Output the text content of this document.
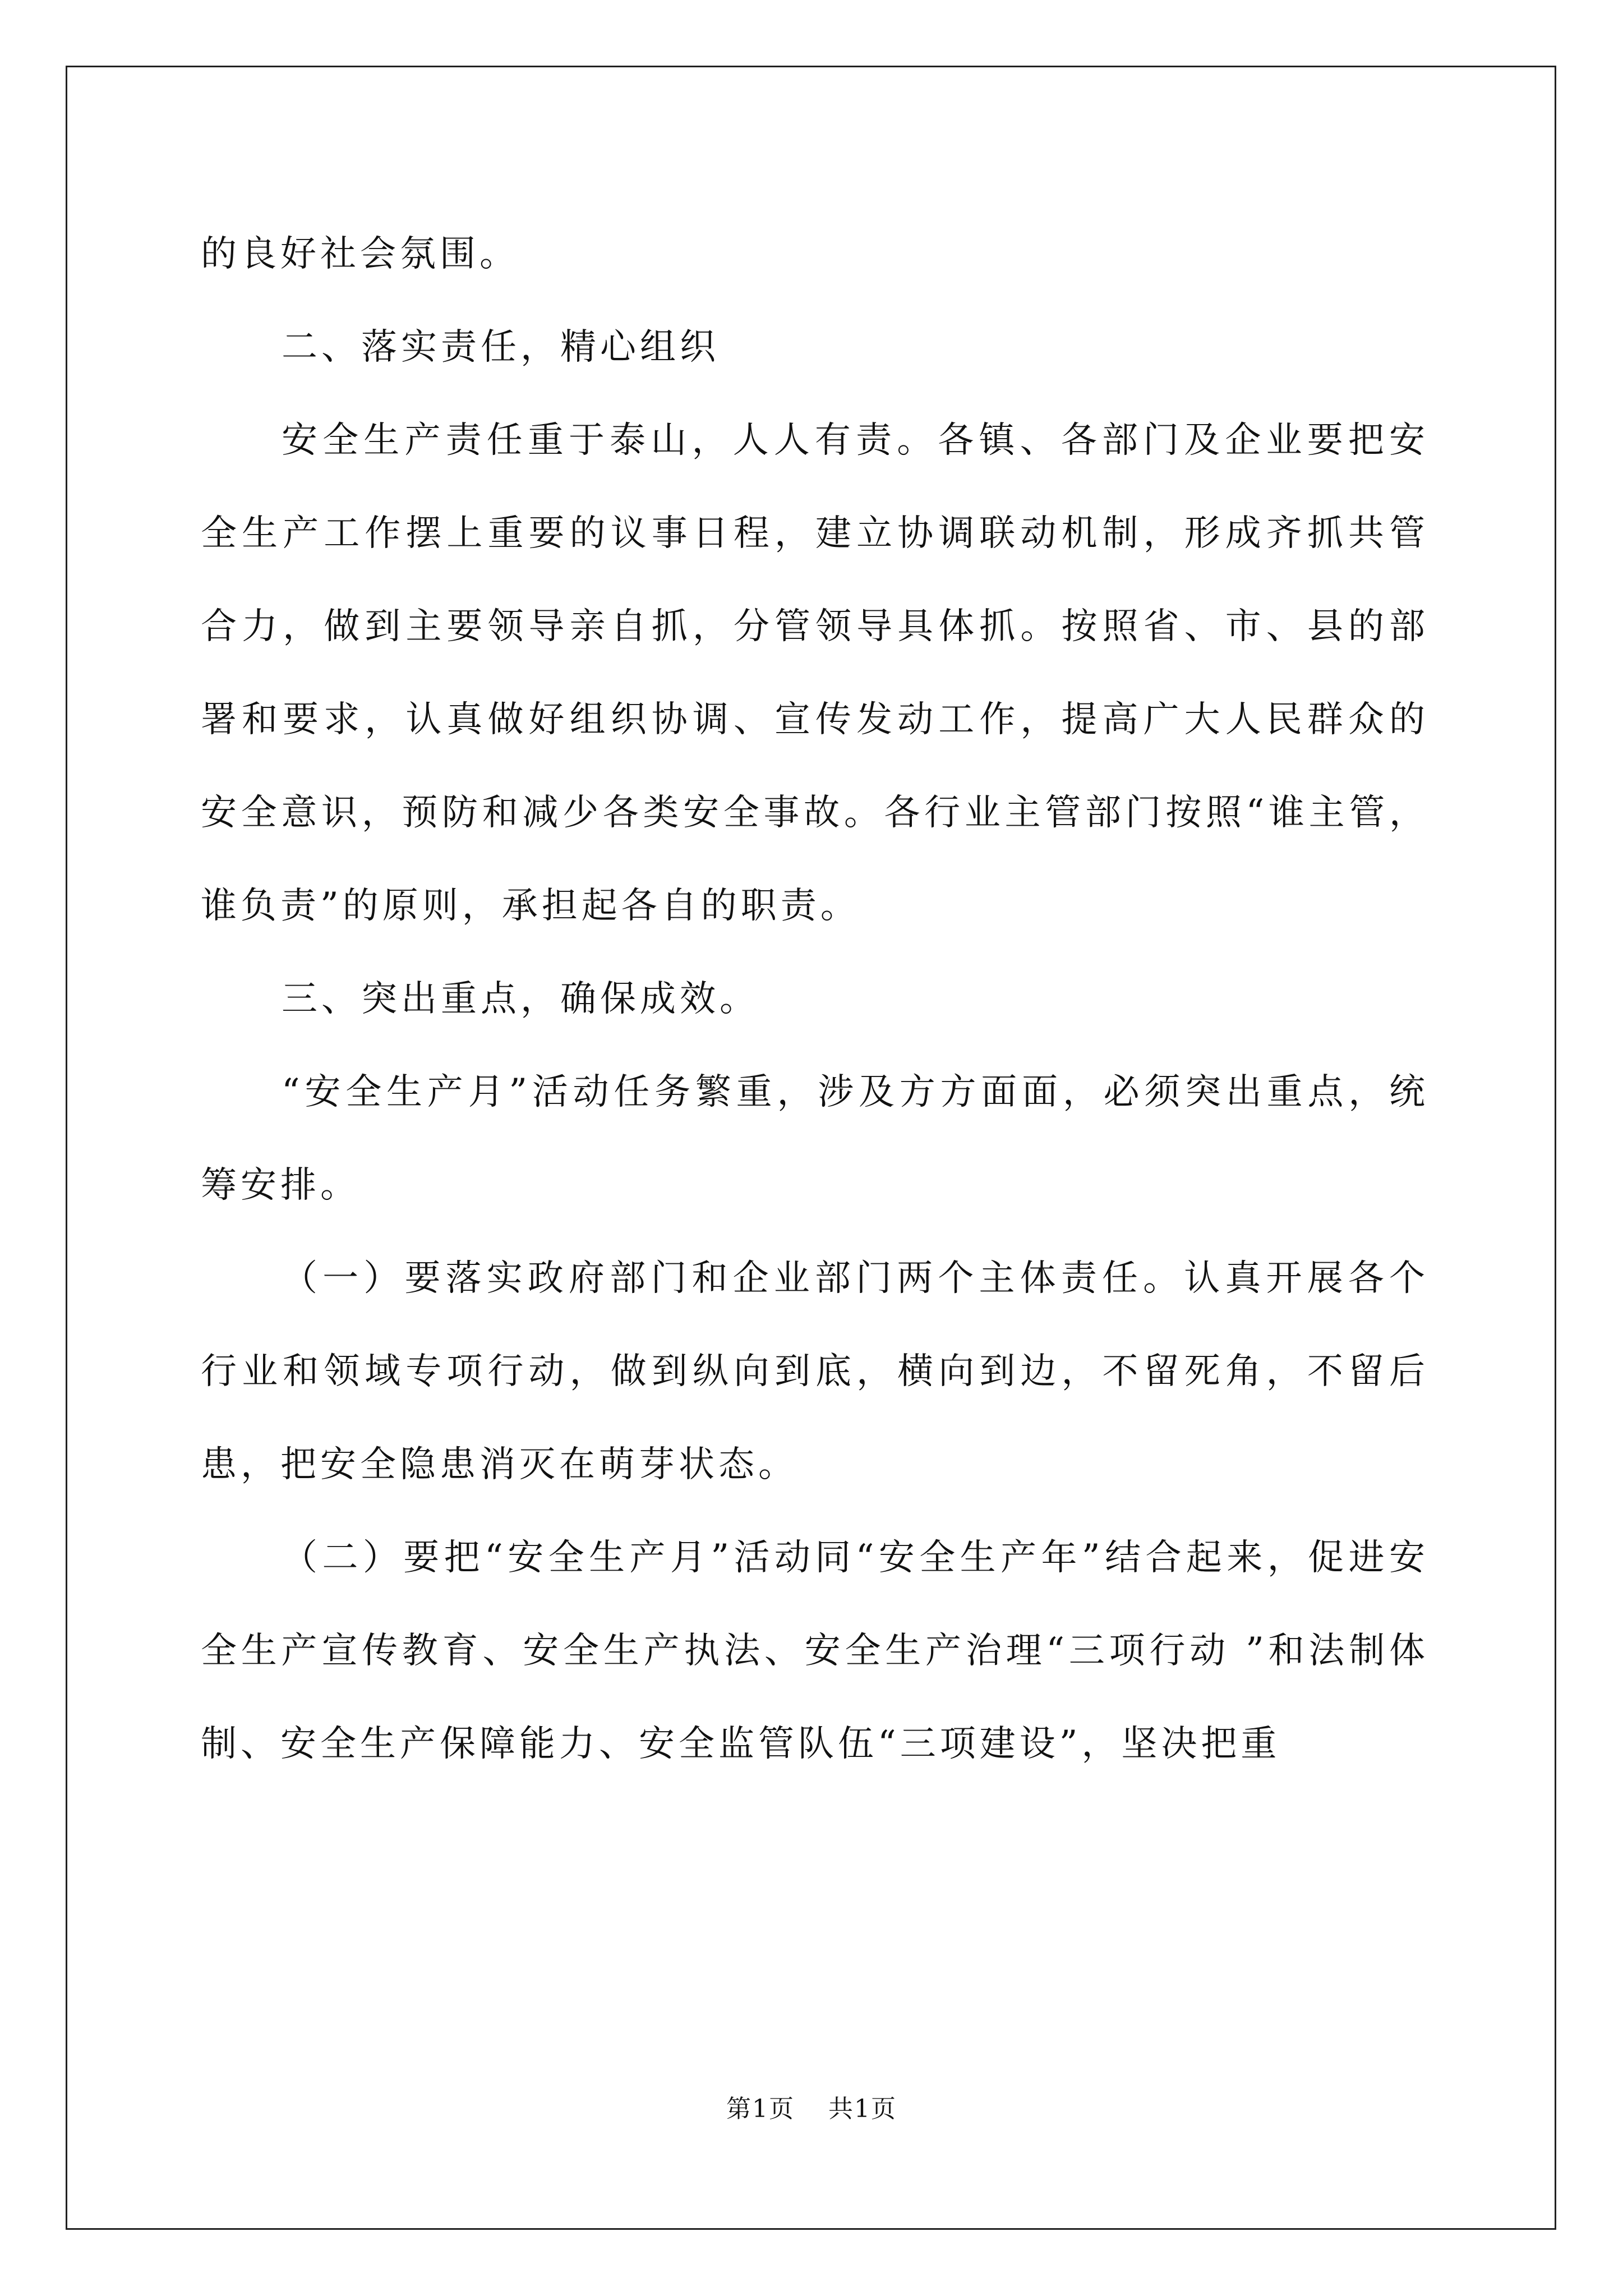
的良好社会氛围。

二、落实责任，精心组织

安全生产责任重于泰山，人人有责。各镇、各部门及企业要把安全生产工作摆上重要的议事日程，建立协调联动机制，形成齐抓共管合力，做到主要领导亲自抓，分管领导具体抓。按照省、市、县的部署和要求，认真做好组织协调、宣传发动工作，提高广大人民群众的安全意识，预防和减少各类安全事故。各行业主管部门按照“谁主管，谁负责”的原则，承担起各自的职责。

三、突出重点，确保成效。

“安全生产月”活动任务繁重，涉及方方面面，必须突出重点，统筹安排。

（一）要落实政府部门和企业部门两个主体责任。认真开展各个行业和领域专项行动，做到纵向到底，横向到边，不留死角，不留后患，把安全隐患消灭在萌芽状态。

（二）要把“安全生产月”活动同“安全生产年”结合起来，促进安全生产宣传教育、安全生产执法、安全生产治理“三项行动 ”和法制体制、安全生产保障能力、安全监管队伍“三项建设”，坚决把重

第1页 共1页
